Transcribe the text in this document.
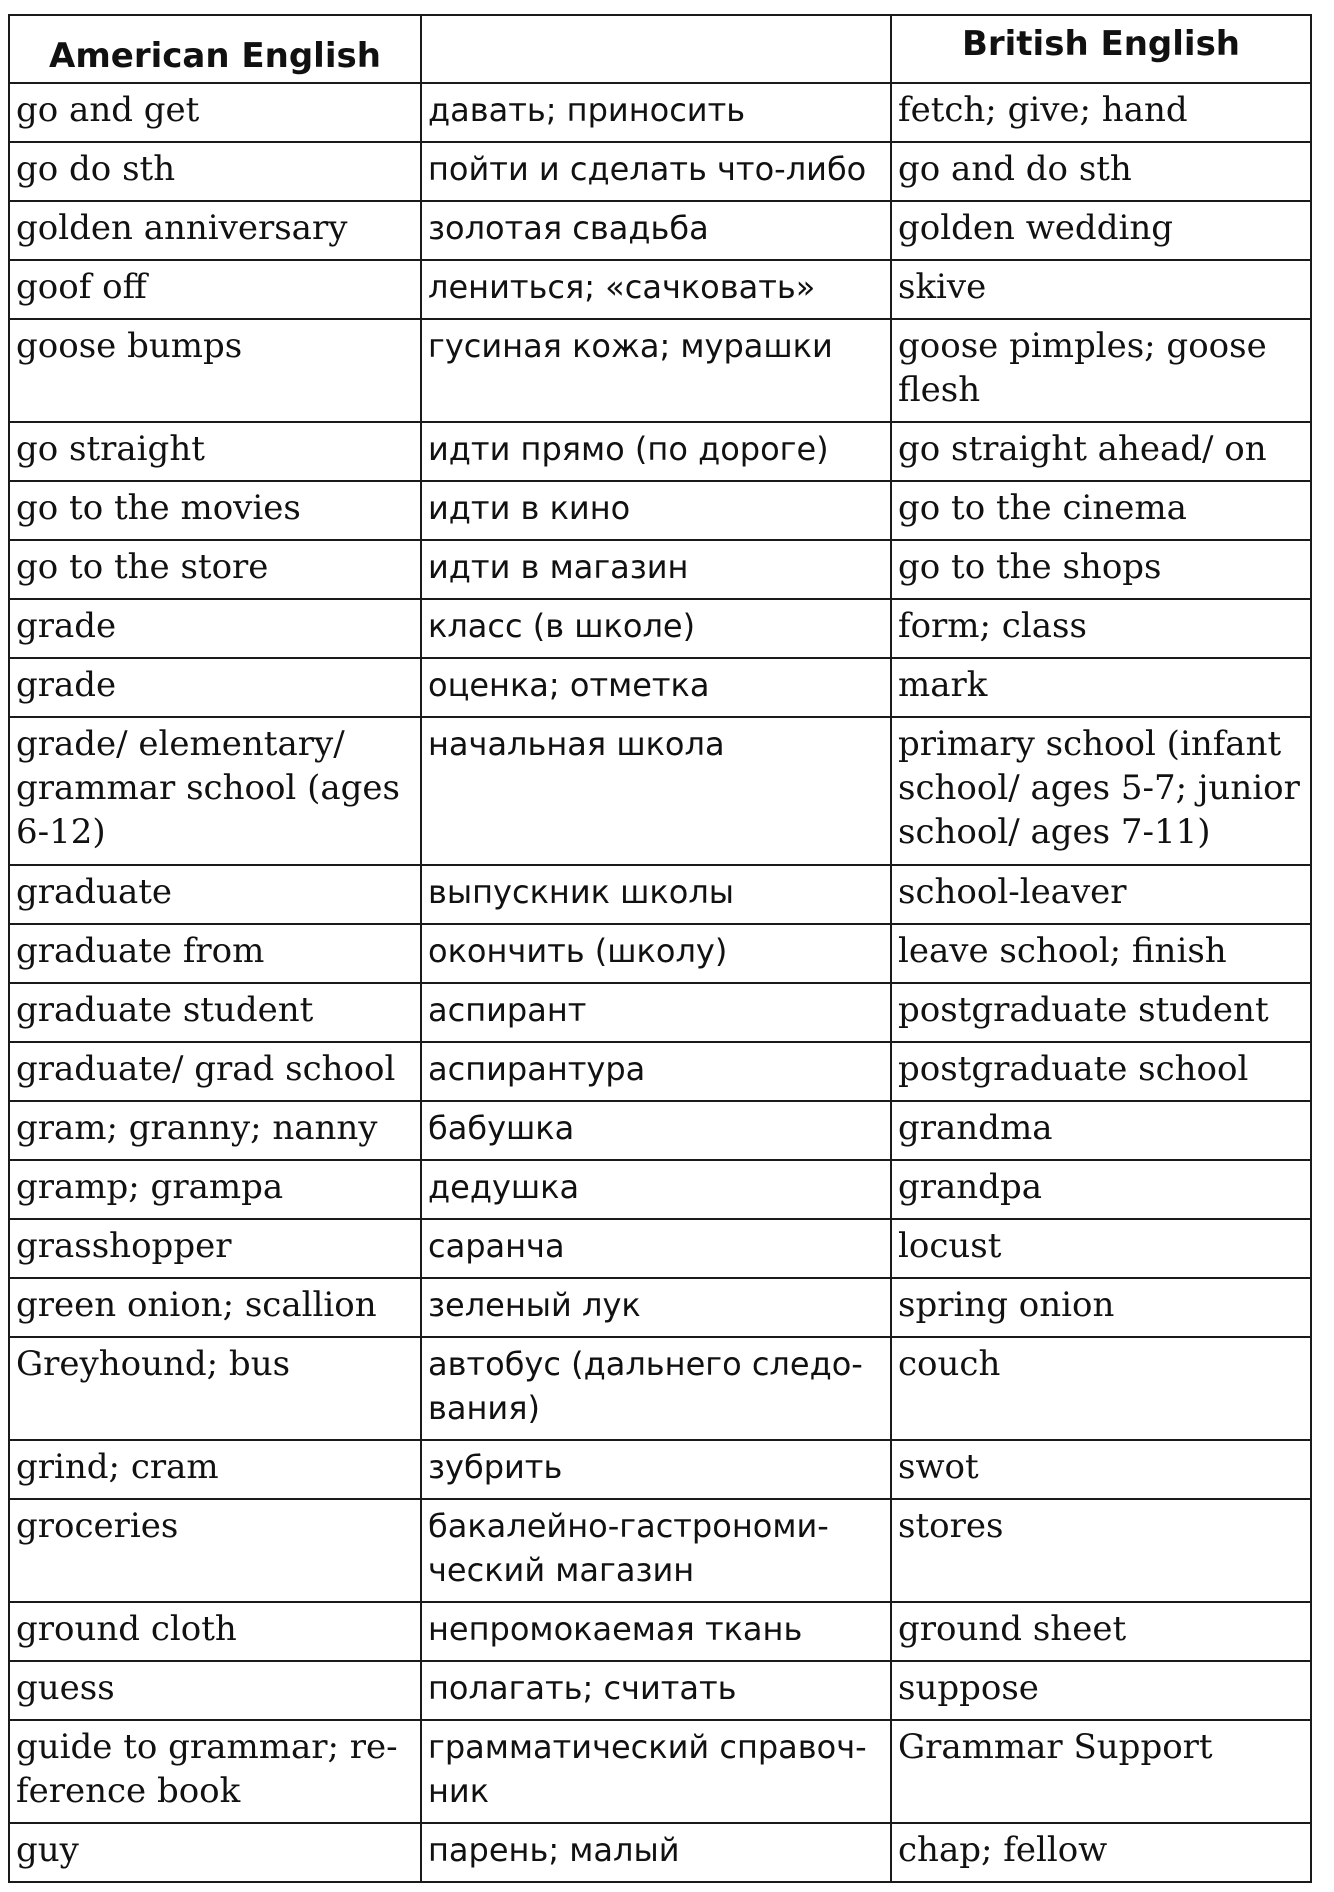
American English		British English
go and get	давать; приносить	fetch; give; hand
go do sth	пойти и сделать что-либо	go and do sth
golden anniversary	золотая свадьба	golden wedding
goof off	лениться; «сачковать»	skive
goose bumps	гусиная кожа; мурашки	goose pimples; goose flesh
go straight	идти прямо (по дороге)	go straight ahead/ on
go to the movies	идти в кино	go to the cinema
go to the store	идти в магазин	go to the shops
grade	класс (в школе)	form; class
grade	оценка; отметка	mark
grade/ elementary/ grammar school (ages 6-12)	начальная школа	primary school (infant school/ ages 5-7; junior school/ ages 7-11)
graduate	выпускник школы	school-leaver
graduate from	окончить (школу)	leave school; finish
graduate student	аспирант	postgraduate student
graduate/ grad school	аспирантура	postgraduate school
gram; granny; nanny	бабушка	grandma
gramp; grampa	дедушка	grandpa
grasshopper	саранча	locust
green onion; scallion	зеленый лук	spring onion
Greyhound; bus	автобус (дальнего следо-вания)	couch
grind; cram	зубрить	swot
groceries	бакалейно-гастрономи-ческий магазин	stores
ground cloth	непромокаемая ткань	ground sheet
guess	полагать; считать	suppose
guide to grammar; re-ference book	грамматический справоч-ник	Grammar Support
guy	парень; малый	chap; fellow
